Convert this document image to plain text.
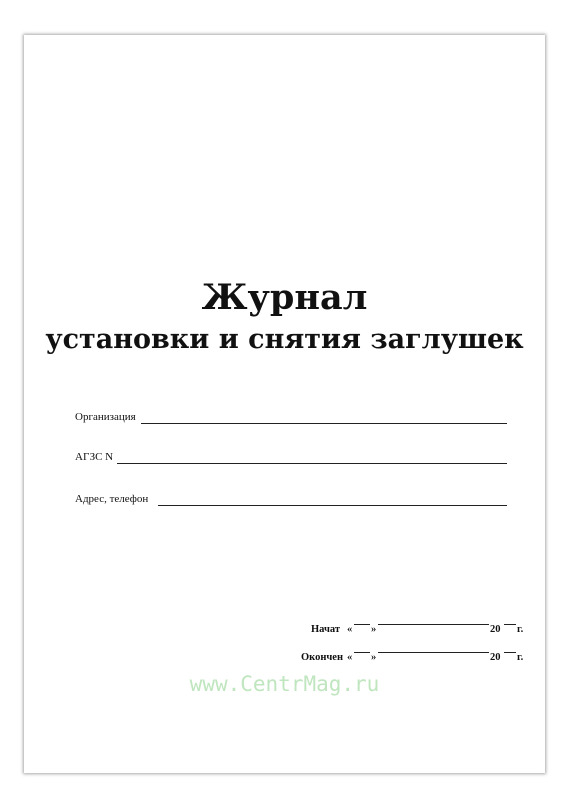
Журнал
установки и снятия заглушек
Организация
АГЗС N
Адрес, телефон
Начат « »	20 г.
Окончен « »	20 г.
www.CentrMag.ru
